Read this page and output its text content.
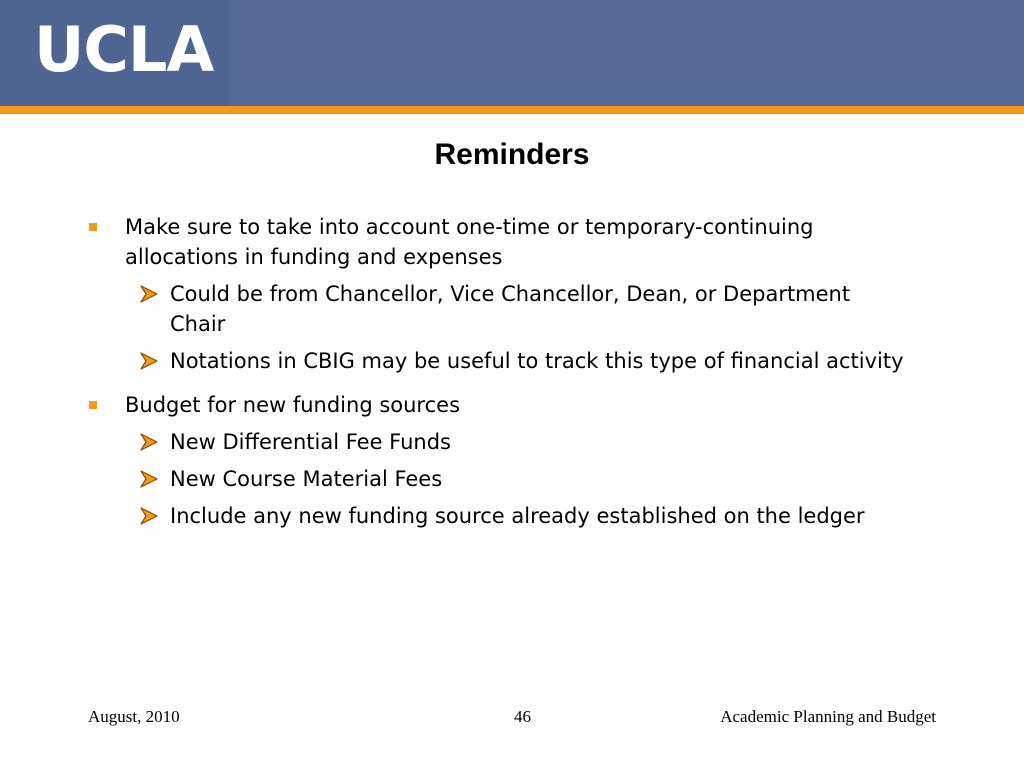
UCLA
Reminders
Make sure to take into account one-time or temporary-continuing allocations in funding and expenses
Could be from Chancellor, Vice Chancellor, Dean, or Department Chair
Notations in CBIG may be useful to track this type of financial activity
Budget for new funding sources
New Differential Fee Funds
New Course Material Fees
Include any new funding source already established on the ledger
August, 2010	46	Academic Planning and Budget
